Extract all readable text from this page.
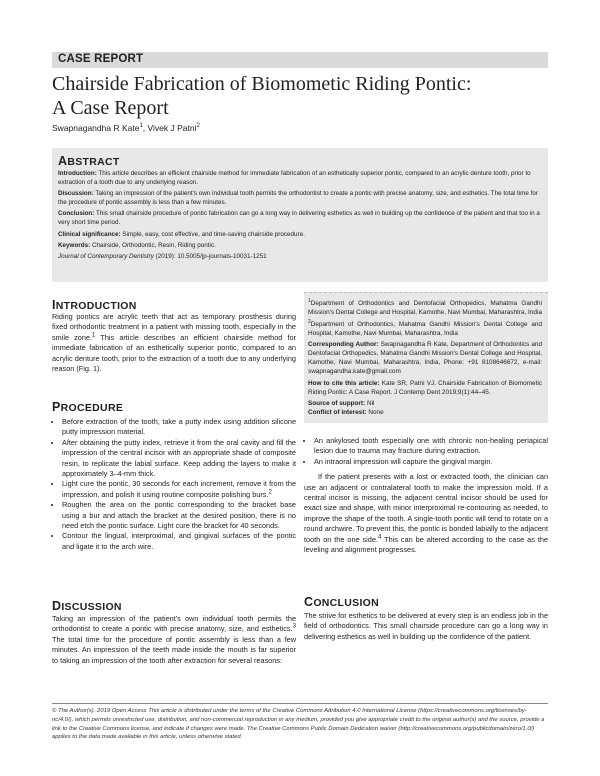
CASE REPORT
Chairside Fabrication of Biomometic Riding Pontic:
A Case Report
Swapnagandha R Kate$^1$, Vivek J Patni$^2$
ABSTRACT

Introduction: This article describes an efficient chairside method for immediate fabrication of an esthetically superior pontic, compared to an acrylic denture tooth, prior to extraction of a tooth due to any underlying reason.

Discussion: Taking an impression of the patient's own individual tooth permits the orthodontist to create a pontic with precise anatomy, size, and esthetics. The total time for the procedure of pontic assembly is less than a few minutes.

Conclusion: This small chairside procedure of pontic fabrication can go a long way in delivering esthetics as well in building up the confidence of the patient and that too in a very short time period.

Clinical significance: Simple, easy, cost effective, and time-saving chairside procedure.

Keywords: Chairside, Orthodontic, Resin, Riding pontic.

Journal of Contemporary Dentistry (2019): 10.5005/jp-journals-10031-1251

INTRODUCTION

Riding pontics are acrylic teeth that act as temporary prosthesis during fixed orthodontic treatment in a patient with missing tooth, especially in the smile zone.$^1$ This article describes an efficient chairside method for immediate fabrication of an esthetically superior pontic, compared to an acrylic denture tooth, prior to the extraction of a tooth due to any underlying reason (Fig. 1).

PROCEDURE
• Before extraction of the tooth, take a putty index using addition silicone putty impression material.
• After obtaining the putty index, retrieve it from the oral cavity and fill the impression of the central incisor with an appropriate shade of composite resin, to replicate the labial surface. Keep adding the layers to make it approximately 3–4-mm thick.
• Light cure the pontic, 30 seconds for each increment, remove it from the impression, and polish it using routine composite polishing burs.$^2$
• Roughen the area on the pontic corresponding to the bracket base using a bur and attach the bracket at the desired position, there is no need etch the pontic surface. Light cure the bracket for 40 seconds.
• Contour the lingual, interproximal, and gingival surfaces of the pontic and ligate it to the arch wire.
DISCUSSION

Taking an impression of the patient's own individual tooth permits the orthodontist to create a pontic with precise anatomy, size, and esthetics.$^3$ The total time for the procedure of pontic assembly is less than a few minutes. An impression of the teeth made inside the mouth is far superior to taking an impression of the tooth after extraction for several reasons:

$^1$Department of Orthodontics and Dentofacial Orthopedics, Mahatma Gandhi Mission's Dental College and Hospital, Kamothe, Navi Mumbai, Maharashtra, India

$^2$Department of Orthodontics, Mahatma Gandhi Mission's Dental College and Hospital, Kamothe, Navi Mumbai, Maharashtra, India

Corresponding Author: Swapnagandha R Kate, Department of Orthodontics and Dentofacial Orthopedics, Mahatma Gandhi Mission's Dental College and Hospital, Kamothe, Navi Mumbai, Maharashtra, India, Phone: +91 8108646672, e-mail: swapnagandha.kate@gmail.com

How to cite this article: Kate SR, Patni VJ. Chairside Fabrication of Biomometic Riding Pontic: A Case Report. J Contemp Dent 2019;9(1):44–45.

Source of support: Nil

Conflict of interest: None

• An ankylosed tooth especially one with chronic non-healing periapical lesion due to trauma may fracture during extraction.
• An intraoral impression will capture the gingival margin.

If the patient presents with a lost or extracted tooth, the clinician can use an adjacent or contralateral tooth to make the impression mold. If a central incisor is missing, the adjacent central incisor should be used for exact size and shape, with minor interproximal re-contouring as needed, to improve the shape of the tooth. A single-tooth pontic will tend to rotate on a round archwire. To prevent this, the pontic is bonded labially to the adjacent tooth on the one side.$^4$ This can be altered according to the case as the leveling and alignment progresses.

CONCLUSION

The strive for esthetics to be delivered at every step is an endless job in the field of orthodontics. This small chairside procedure can go a long way in delivering esthetics as well in building up the confidence of the patient.

© The Author(s). 2019 Open Access This article is distributed under the terms of the Creative Commons Attribution 4.0 International License (https://creativecommons.org/licenses/by-nc/4.0/), which permits unrestricted use, distribution, and non-commercial reproduction in any medium, provided you give appropriate credit to the original author(s) and the source, provide a link to the Creative Commons license, and indicate if changes were made. The Creative Commons Public Domain Dedication waiver (http://creativecommons.org/publicdomain/zero/1.0/) applies to the data made available in this article, unless otherwise stated.
